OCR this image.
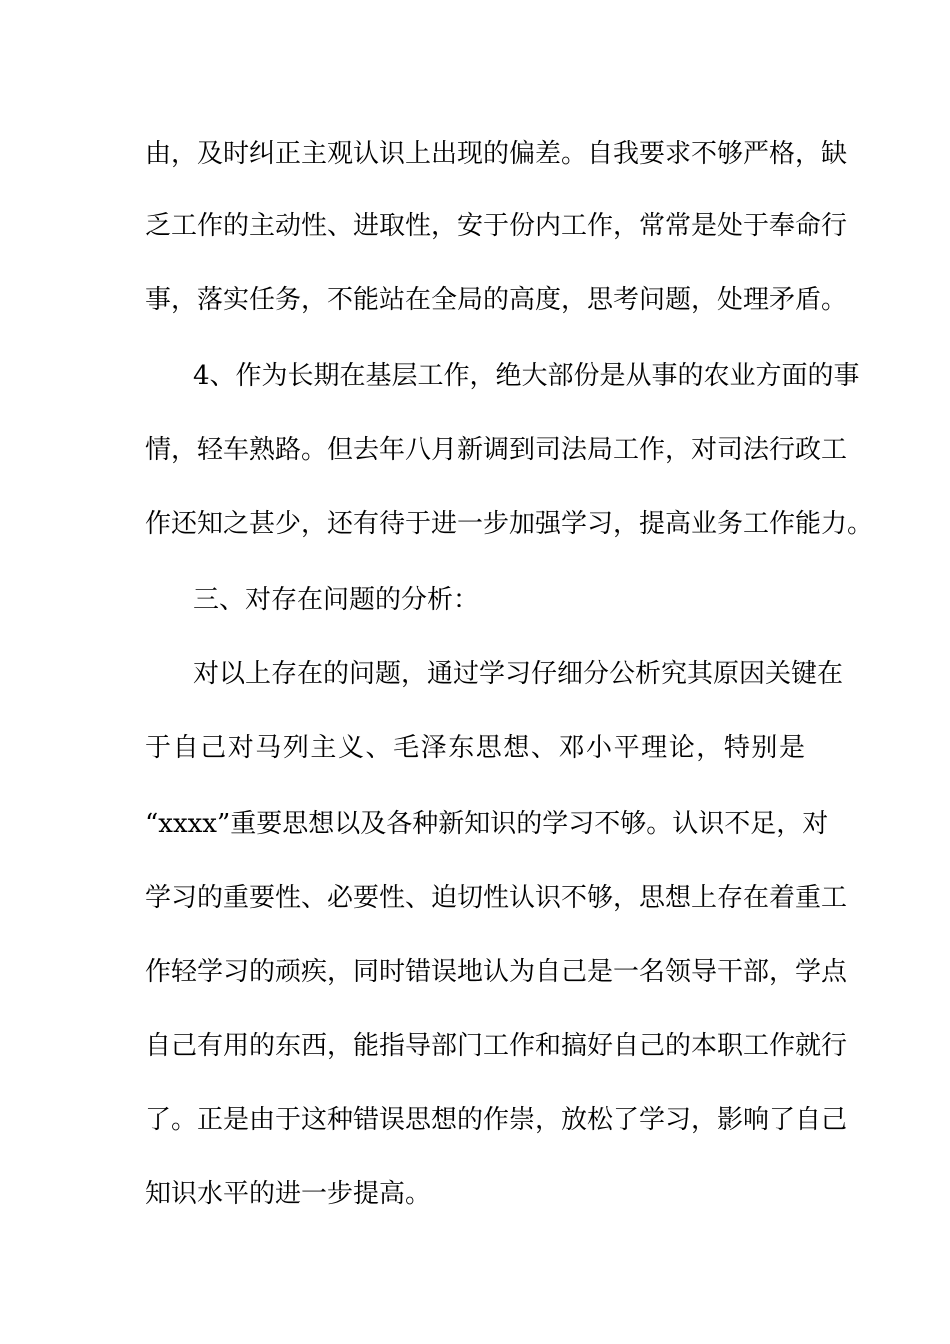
由，及时纠正主观认识上出现的偏差。自我要求不够严格，缺
乏工作的主动性、进取性，安于份内工作，常常是处于奉命行
事，落实任务，不能站在全局的高度，思考问题，处理矛盾。
4、作为长期在基层工作，绝大部份是从事的农业方面的事
情，轻车熟路。但去年八月新调到司法局工作，对司法行政工
作还知之甚少，还有待于进一步加强学习，提高业务工作能力。
三、对存在问题的分析：
对以上存在的问题，通过学习仔细分公析究其原因关键在
于自己对马列主义、毛泽东思想、邓小平理论，特别是
“xxxx”重要思想以及各种新知识的学习不够。认识不足，对
学习的重要性、必要性、迫切性认识不够，思想上存在着重工
作轻学习的顽疾，同时错误地认为自己是一名领导干部，学点
自己有用的东西，能指导部门工作和搞好自己的本职工作就行
了。正是由于这种错误思想的作崇，放松了学习，影响了自己
知识水平的进一步提高。
